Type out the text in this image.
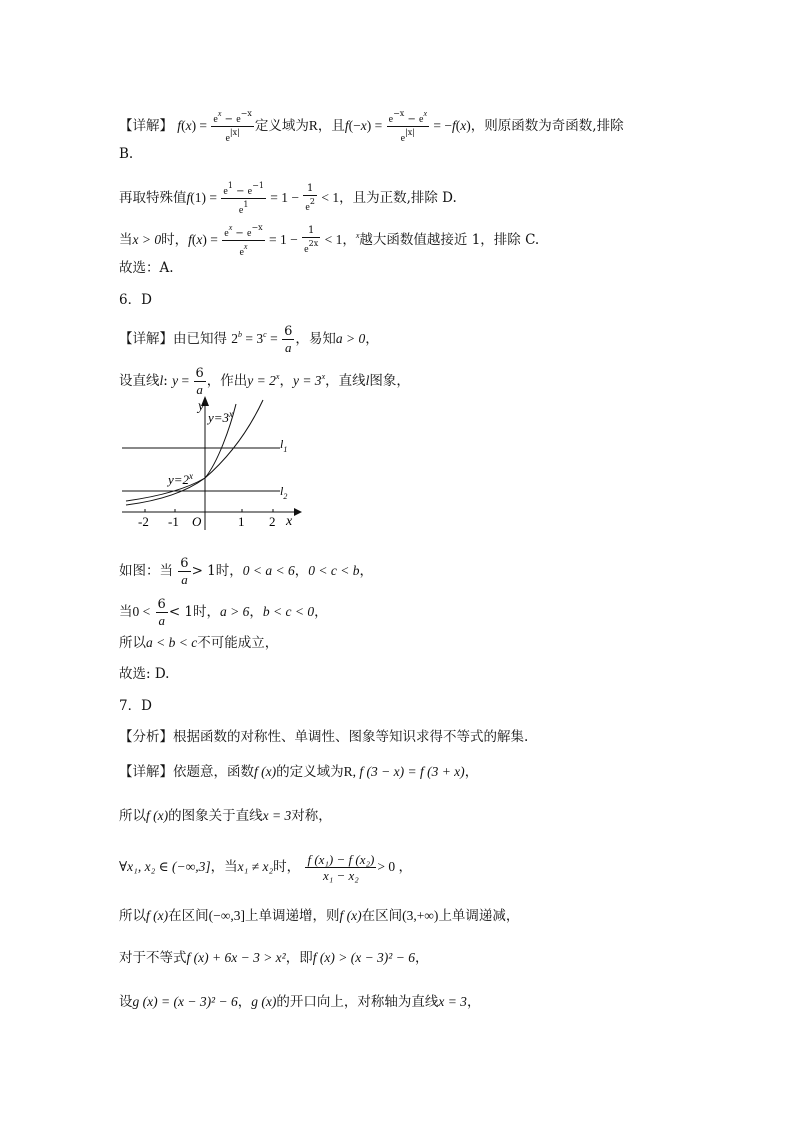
【详解】 $f(x) = \frac{e^x - e^{-x}}{e^{|x|}}$ 定义域为R，且$f(-x) = \frac{e^{-x} - e^x}{e^{|x|}} = -f(x)$，则原函数为奇函数,排除
B.
再取特殊值$f(1) = \frac{e^1 - e^{-1}}{e^1} = 1 - \frac{1}{e^2} < 1$，且为正数,排除 D.
当x > 0时，$f(x) = \frac{e^x - e^{-x}}{e^x} = 1 - \frac{1}{e^{2x}} < 1$，$^x$越大函数值越接近 1，排除 C.
故选：A.
6．D
【详解】由已知得 $2^b = 3^c = \frac{6}{a}$ ，易知a > 0，
设直线l: $y = \frac{6}{a}$ ，作出$y = 2^x$，$y = 3^x$，直线l图象，
y
x
O
$y=3^x$
$y=2^x$
$l_1$
$l_2$
-2 -1	1 2
如图：当 $\frac{6}{a} > 1$时，0 < a < 6，0 < c < b，
当$0 < \frac{6}{a} < 1$时，a > 6，b < c < 0，
所以a < b < c不可能成立，
故选: D.
7．D
【分析】根据函数的对称性、单调性、图象等知识求得不等式的解集.
【详解】依题意，函数f (x)的定义域为R, f (3 − x) = f (3 + x)，
所以f (x)的图象关于直线x = 3对称，
∀x₁, x₂ ∈ (−∞,3]，当x₁ ≠ x₂时， $\frac{\text{f (x₁) − f (x₂)}}{\text{x₁ − x₂}} > 0$ ，
所以f (x)在区间(−∞,3]上单调递增，则f (x)在区间(3,+∞)上单调递减，
对于不等式f (x) + 6x − 3 > x²，即f (x) > (x − 3)² − 6，
设g (x) = (x − 3)² − 6，g (x)的开口向上，对称轴为直线x = 3，
